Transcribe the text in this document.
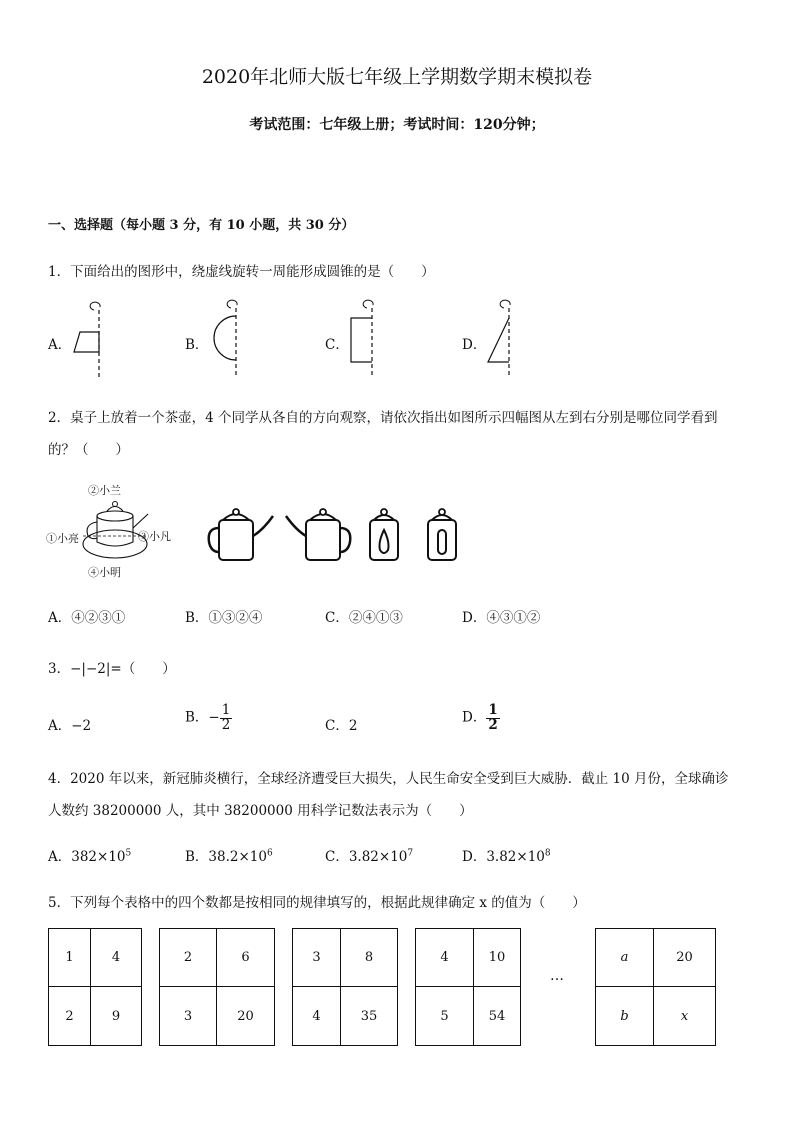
2020年北师大版七年级上学期数学期末模拟卷
考试范围：七年级上册；考试时间：120分钟；
一、选择题（每小题 3 分，有 10 小题，共 30 分）
1．下面给出的图形中，绕虚线旋转一周能形成圆锥的是（　　）
A．	B．	C．	D．
2．桌子上放着一个茶壶，4 个同学从各自的方向观察，请依次指出如图所示四幅图从左到右分别是哪位同学看到
的？（　　）
②小兰
①小亮	③小凡
④小明
A．④②③①	B．①③②④	C．②④①③	D．④③①②
3．−|−2|=（　　）
A．−2
B．− $\frac{1}{2}$	C．2
D． $\frac{1}{2}$
4．2020 年以来，新冠肺炎横行，全球经济遭受巨大损失，人民生命安全受到巨大威胁．截止 10 月份，全球确诊
人数约 38200000 人，其中 38200000 用科学记数法表示为（　　）
A．$382\times 10^5$	B．$38.2\times 10^6$	C．$3.82\times 10^7$	D．$3.82\times 10^8$
5．下列每个表格中的四个数都是按相同的规律填写的，根据此规律确定 x 的值为（　　）
1	4
2	9
2	6
3	20
3	8
4	35
4	10
5	54
…
a	20
b	x
